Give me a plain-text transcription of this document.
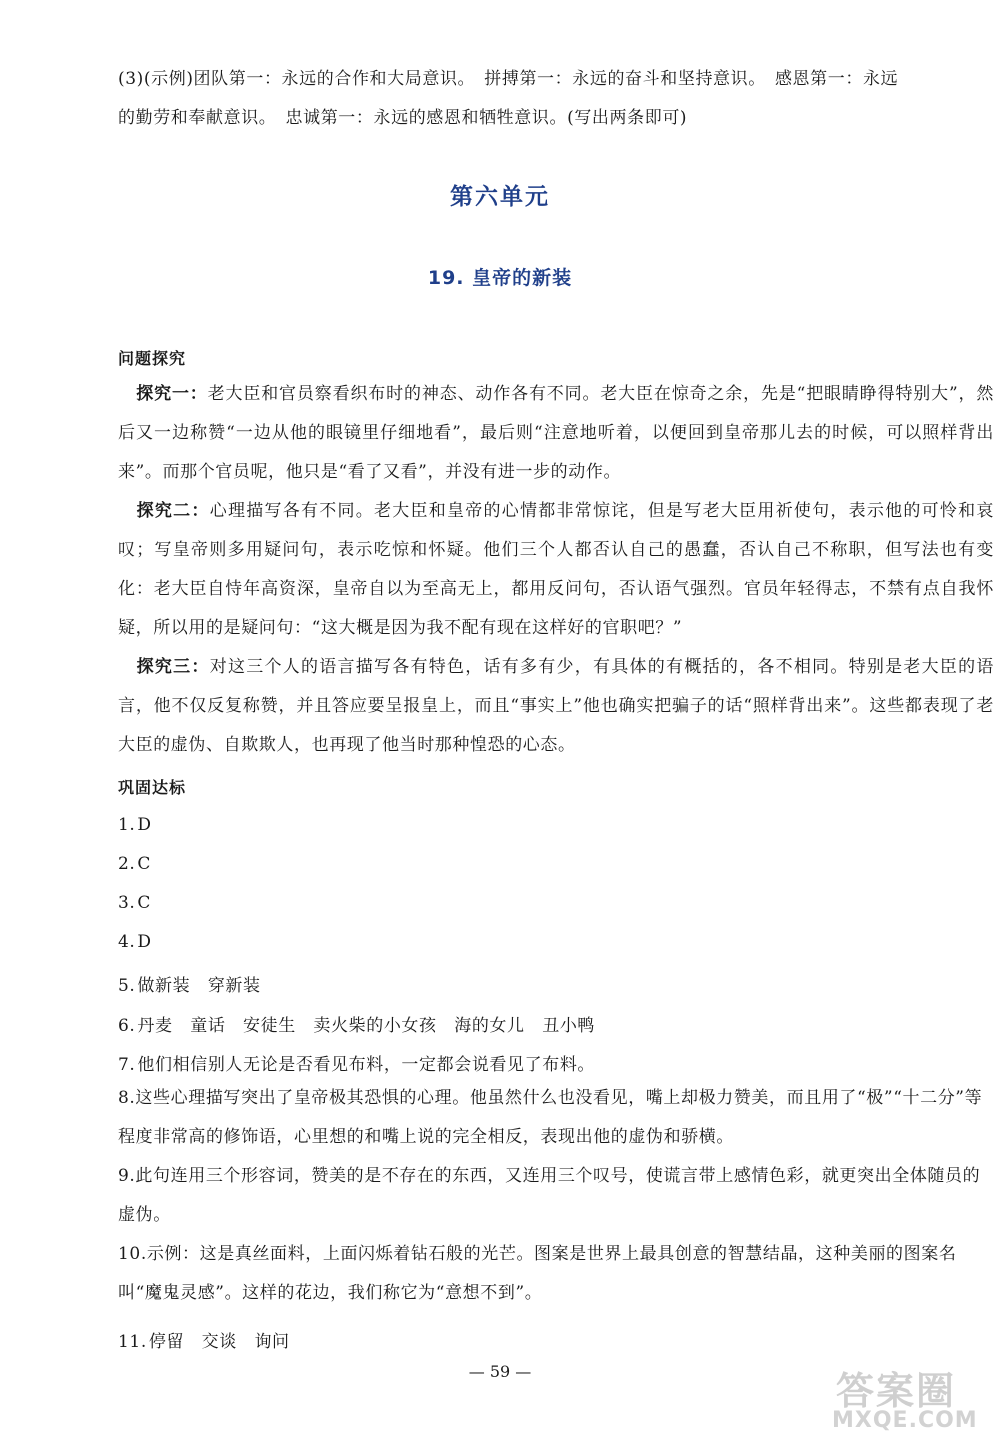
(3)(示例)团队第一：永远的合作和大局意识。　拼搏第一：永远的奋斗和坚持意识。　感恩第一：永远
的勤劳和奉献意识。　忠诚第一：永远的感恩和牺牲意识。(写出两条即可)
第六单元
19. 皇帝的新装
问题探究
探究一：老大臣和官员察看织布时的神态、动作各有不同。老大臣在惊奇之余，先是“把眼睛睁得特别大”，然后又一边称赞“一边从他的眼镜里仔细地看”，最后则“注意地听着，以便回到皇帝那儿去的时候，可以照样背出来”。而那个官员呢，他只是“看了又看”，并没有进一步的动作。
探究二：心理描写各有不同。老大臣和皇帝的心情都非常惊诧，但是写老大臣用祈使句，表示他的可怜和哀叹；写皇帝则多用疑问句，表示吃惊和怀疑。他们三个人都否认自己的愚蠢，否认自己不称职，但写法也有变化：老大臣自恃年高资深，皇帝自以为至高无上，都用反问句，否认语气强烈。官员年轻得志，不禁有点自我怀疑，所以用的是疑问句：“这大概是因为我不配有现在这样好的官职吧？”
探究三：对这三个人的语言描写各有特色，话有多有少，有具体的有概括的，各不相同。特别是老大臣的语言，他不仅反复称赞，并且答应要呈报皇上，而且“事实上”他也确实把骗子的话“照样背出来”。这些都表现了老大臣的虚伪、自欺欺人，也再现了他当时那种惶恐的心态。
巩固达标
1. D
2. C
3. C
4. D
5. 做新装　穿新装
6. 丹麦　童话　安徒生　卖火柴的小女孩　海的女儿　丑小鸭
7. 他们相信别人无论是否看见布料，一定都会说看见了布料。
8.这些心理描写突出了皇帝极其恐惧的心理。他虽然什么也没看见，嘴上却极力赞美，而且用了“极”“十二分”等程度非常高的修饰语，心里想的和嘴上说的完全相反，表现出他的虚伪和骄横。
9.此句连用三个形容词，赞美的是不存在的东西，又连用三个叹号，使谎言带上感情色彩，就更突出全体随员的虚伪。
10.示例：这是真丝面料，上面闪烁着钻石般的光芒。图案是世界上最具创意的智慧结晶，这种美丽的图案名叫“魔鬼灵感”。这样的花边，我们称它为“意想不到”。
11. 停留　交谈　询问
— 59 —	答案圈
MXQE.COM
